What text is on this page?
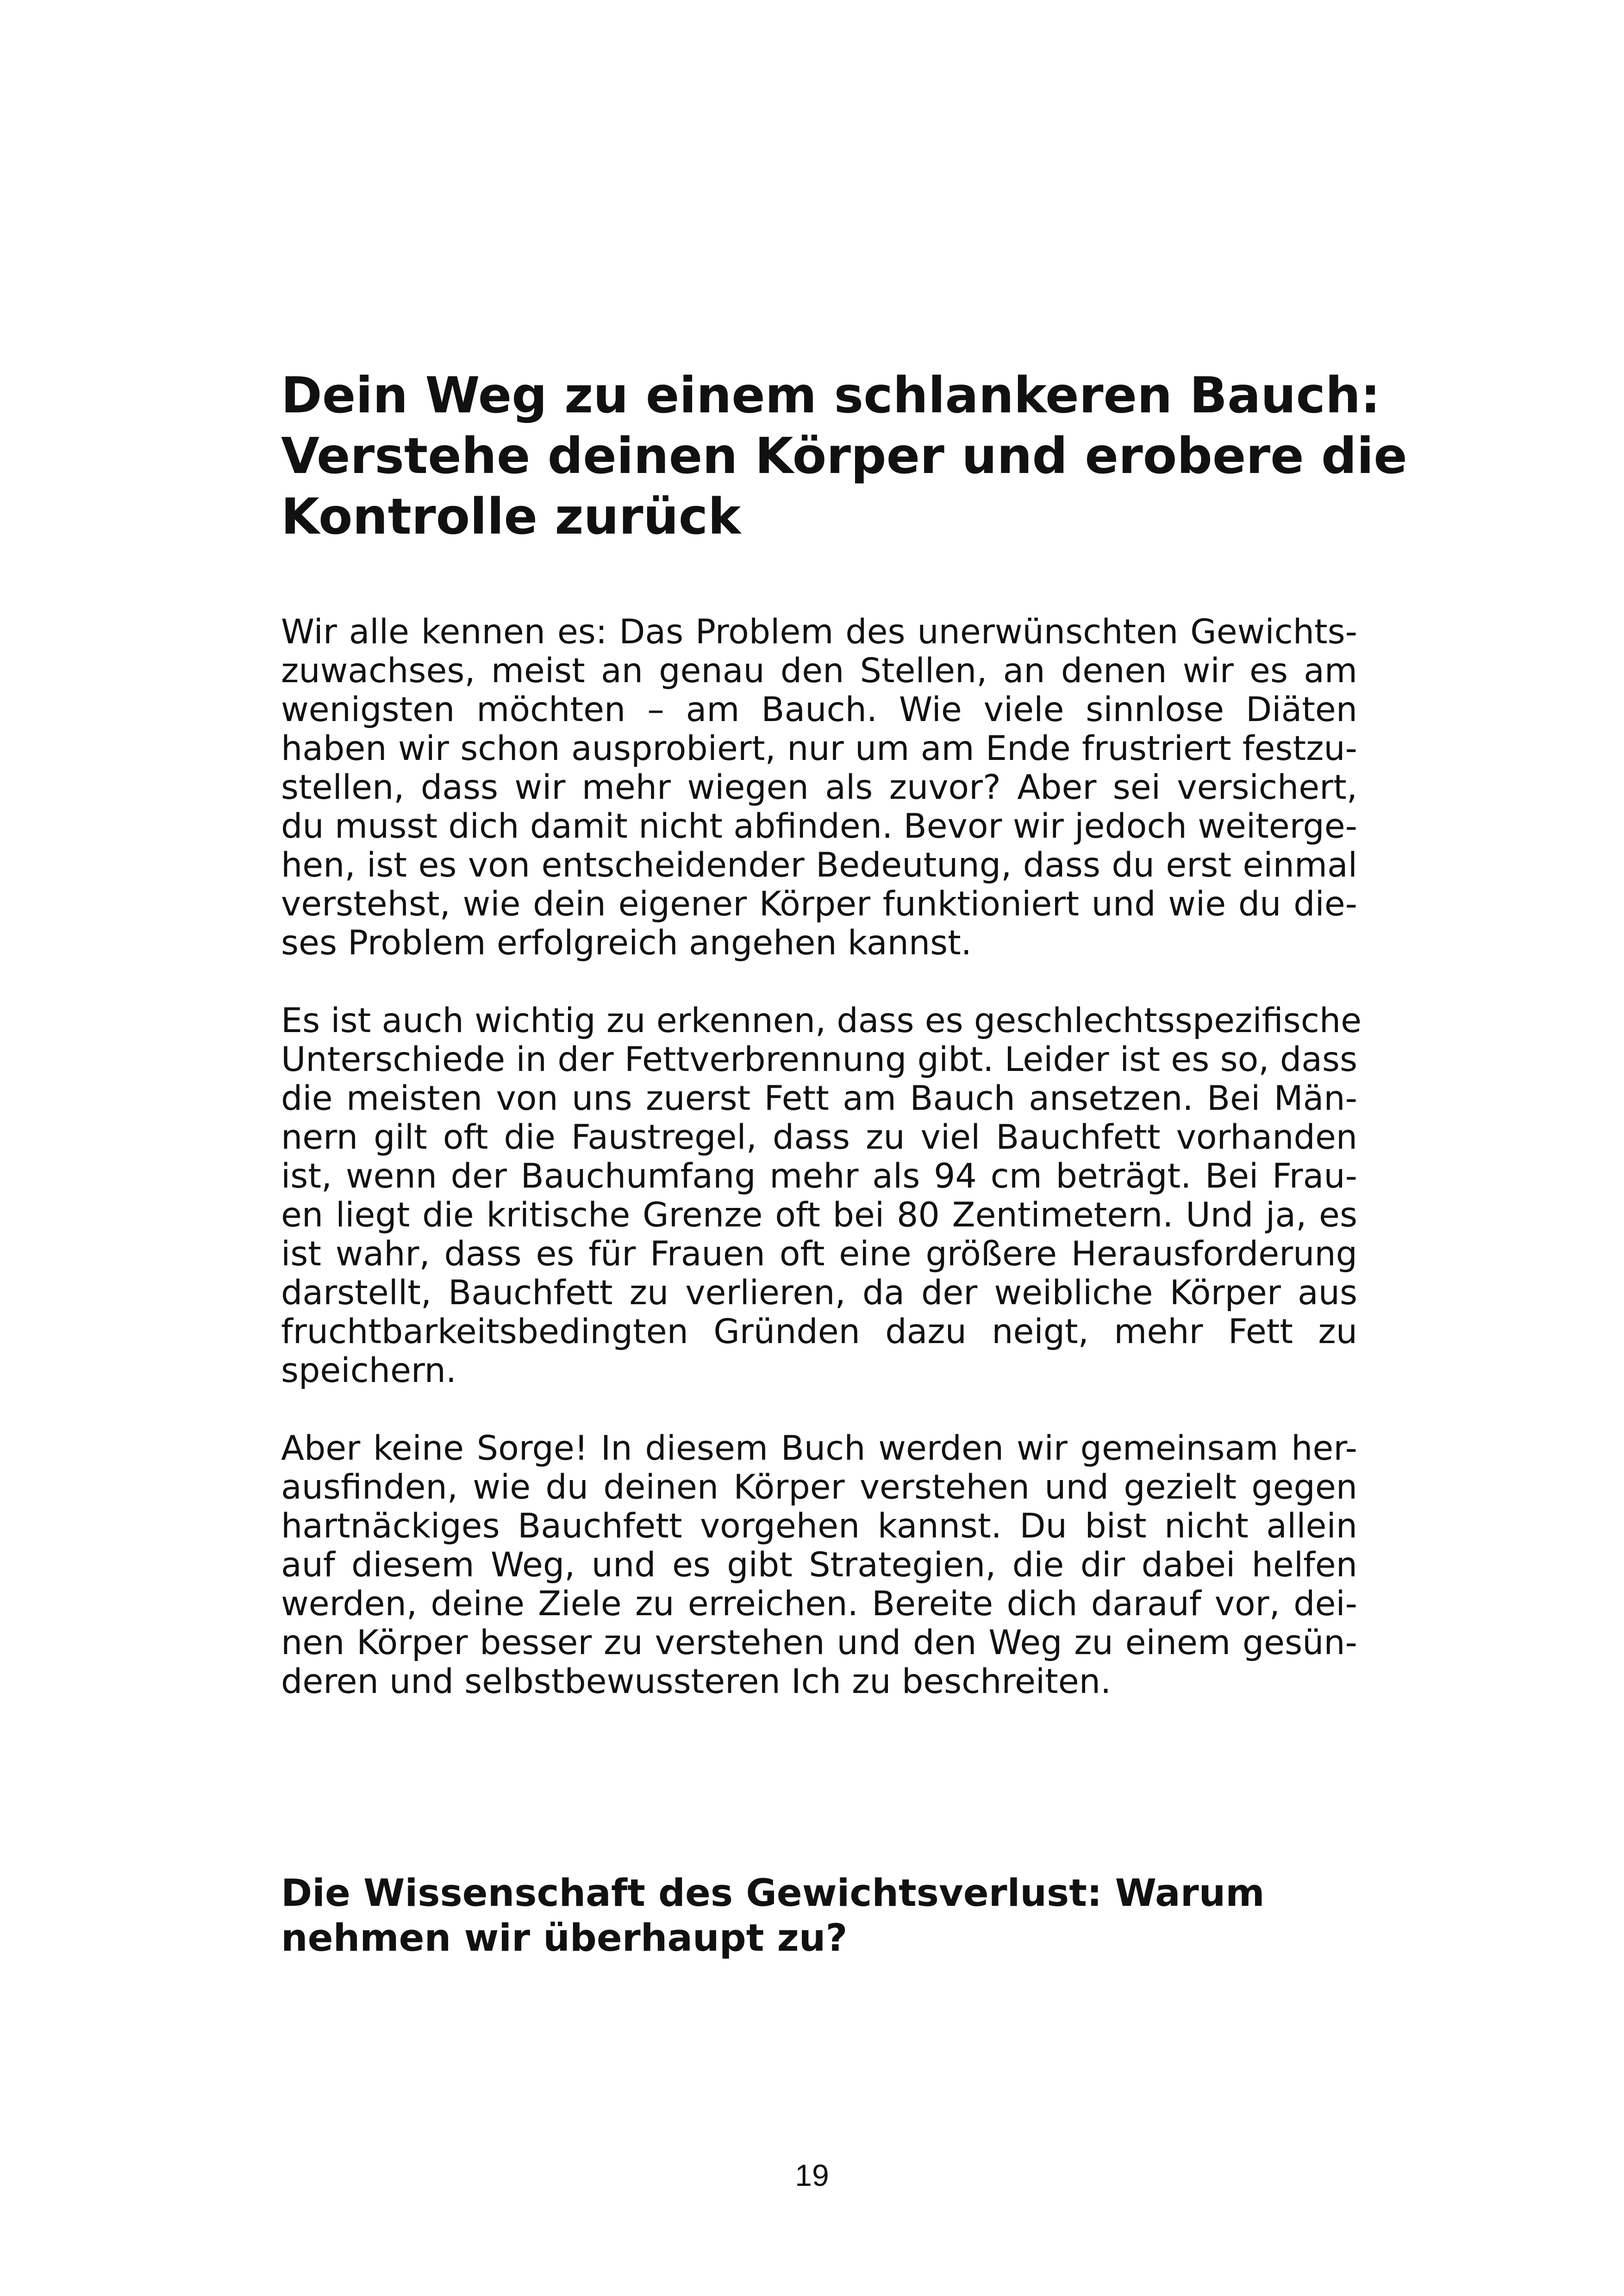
Dein Weg zu einem schlankeren Bauch:
Verstehe deinen Körper und erobere die
Kontrolle zurück
Wir alle kennen es: Das Problem des unerwünschten Gewichts-
zuwachses, meist an genau den Stellen, an denen wir es am
wenigsten möchten – am Bauch. Wie viele sinnlose Diäten
haben wir schon ausprobiert, nur um am Ende frustriert festzu-
stellen, dass wir mehr wiegen als zuvor? Aber sei versichert,
du musst dich damit nicht abfinden. Bevor wir jedoch weiterge-
hen, ist es von entscheidender Bedeutung, dass du erst einmal
verstehst, wie dein eigener Körper funktioniert und wie du die-
ses Problem erfolgreich angehen kannst.
Es ist auch wichtig zu erkennen, dass es geschlechtsspezifische
Unterschiede in der Fettverbrennung gibt. Leider ist es so, dass
die meisten von uns zuerst Fett am Bauch ansetzen. Bei Män-
nern gilt oft die Faustregel, dass zu viel Bauchfett vorhanden
ist, wenn der Bauchumfang mehr als 94 cm beträgt. Bei Frau-
en liegt die kritische Grenze oft bei 80 Zentimetern. Und ja, es
ist wahr, dass es für Frauen oft eine größere Herausforderung
darstellt, Bauchfett zu verlieren, da der weibliche Körper aus
fruchtbarkeitsbedingten Gründen dazu neigt, mehr Fett zu
speichern.
Aber keine Sorge! In diesem Buch werden wir gemeinsam her-
ausfinden, wie du deinen Körper verstehen und gezielt gegen
hartnäckiges Bauchfett vorgehen kannst. Du bist nicht allein
auf diesem Weg, und es gibt Strategien, die dir dabei helfen
werden, deine Ziele zu erreichen. Bereite dich darauf vor, dei-
nen Körper besser zu verstehen und den Weg zu einem gesün-
deren und selbstbewussteren Ich zu beschreiten.
Die Wissenschaft des Gewichtsverlust: Warum
nehmen wir überhaupt zu?
19
